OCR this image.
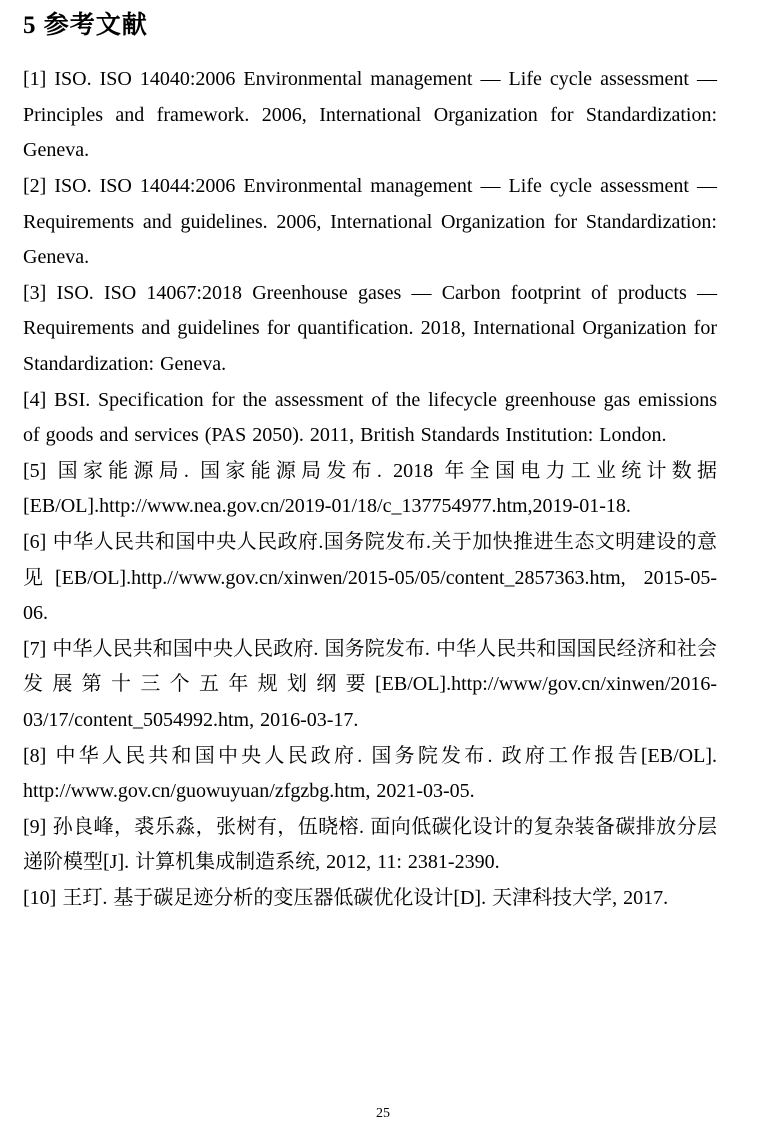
5 参考文献

[1] ISO. ISO 14040:2006 Environmental management — Life cycle assessment — Principles and framework. 2006, International Organization for Standardization: Geneva.

[2] ISO. ISO 14044:2006 Environmental management — Life cycle assessment — Requirements and guidelines. 2006, International Organization for Standardization: Geneva.

[3] ISO. ISO 14067:2018 Greenhouse gases — Carbon footprint of products — Requirements and guidelines for quantification. 2018, International Organization for Standardization: Geneva.

[4] BSI. Specification for the assessment of the lifecycle greenhouse gas emissions of goods and services (PAS 2050). 2011, British Standards Institution: London.

[5] 国家能源局. 国家能源局发布. 2018 年全国电力工业统计数据[EB/OL].http://www.nea.gov.cn/2019-01/18/c_137754977.htm,2019-01-18.

[6] 中华人民共和国中央人民政府.国务院发布.关于加快推进生态文明建设的意见[EB/OL].http.//www.gov.cn/xinwen/2015-05/05/content_2857363.htm, 2015-05-06.

[7] 中华人民共和国中央人民政府. 国务院发布. 中华人民共和国国民经济和社会发展第十三个五年规划纲要[EB/OL].http://www/gov.cn/xinwen/2016-03/17/content_5054992.htm, 2016-03-17.

[8] 中华人民共和国中央人民政府. 国务院发布. 政府工作报告[EB/OL]. http://www.gov.cn/guowuyuan/zfgzbg.htm, 2021-03-05.

[9] 孙良峰，裘乐淼，张树有，伍晓榕. 面向低碳化设计的复杂装备碳排放分层递阶模型[J]. 计算机集成制造系统, 2012, 11: 2381-2390.

[10] 王玎. 基于碳足迹分析的变压器低碳优化设计[D]. 天津科技大学, 2017.

25
